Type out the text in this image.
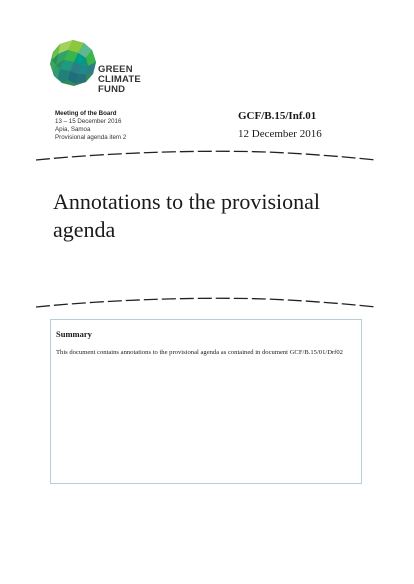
GREEN
CLIMATE
FUND
Meeting of the Board
13 – 15 December 2016
Apia, Samoa
Provisional agenda item 2
GCF/B.15/Inf.01
12 December 2016
Annotations to the provisional agenda
Summary
This document contains annotations to the provisional agenda as contained in document GCF/B.15/01/Drf02
